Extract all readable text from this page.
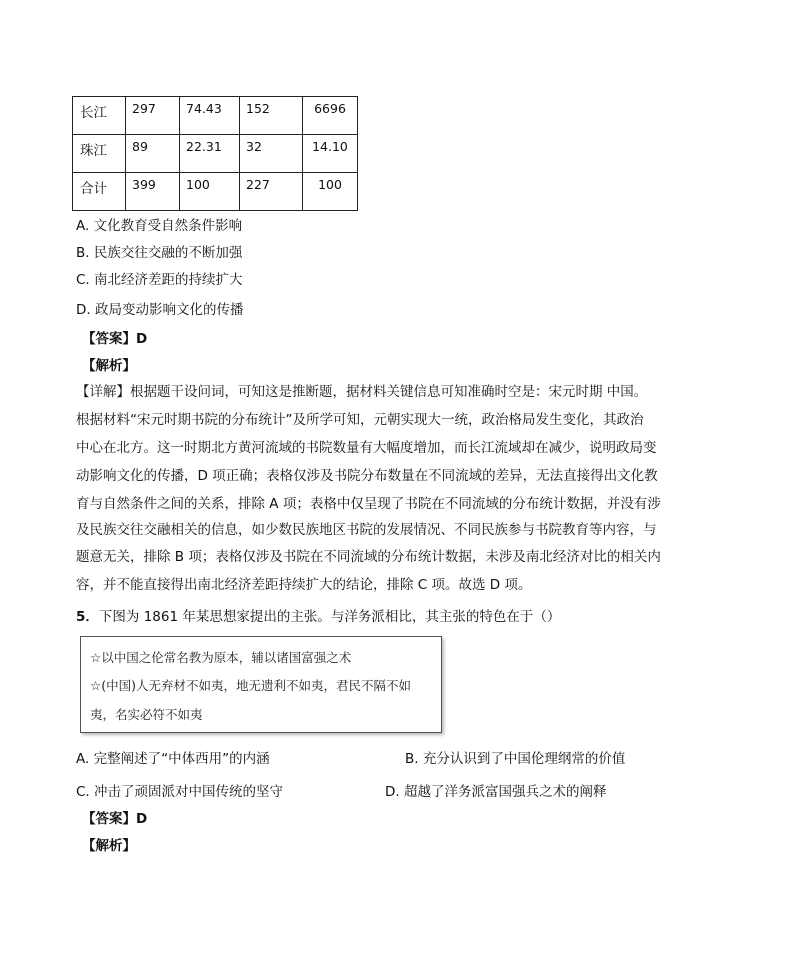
长江	297	74.43	152	6696
珠江	89	22.31	32	14.10
合计	399	100	227	100
A. 文化教育受自然条件影响
B. 民族交往交融的不断加强
C. 南北经济差距的持续扩大
D. 政局变动影响文化的传播
【答案】D
【解析】
【详解】根据题干设问词，可知这是推断题，据材料关键信息可知准确时空是：宋元时期 中国。
根据材料“宋元时期书院的分布统计”及所学可知，元朝实现大一统，政治格局发生变化，其政治
中心在北方。这一时期北方黄河流域的书院数量有大幅度增加，而长江流域却在减少，说明政局变
动影响文化的传播，D 项正确；表格仅涉及书院分布数量在不同流域的差异，无法直接得出文化教
育与自然条件之间的关系，排除 A 项；表格中仅呈现了书院在不同流域的分布统计数据，并没有涉
及民族交往交融相关的信息，如少数民族地区书院的发展情况、不同民族参与书院教育等内容，与
题意无关，排除 B 项；表格仅涉及书院在不同流域的分布统计数据，未涉及南北经济对比的相关内
容，并不能直接得出南北经济差距持续扩大的结论，排除 C 项。故选 D 项。
5．下图为 1861 年某思想家提出的主张。与洋务派相比，其主张的特色在于（）
☆以中国之伦常名教为原本，辅以诸国富强之术
☆(中国)人无弃材不如夷，地无遗利不如夷，君民不隔不如
夷，名实必符不如夷
A. 完整阐述了“中体西用”的内涵	B. 充分认识到了中国伦理纲常的价值
C. 冲击了顽固派对中国传统的坚守	D. 超越了洋务派富国强兵之术的阐释
【答案】D
【解析】
